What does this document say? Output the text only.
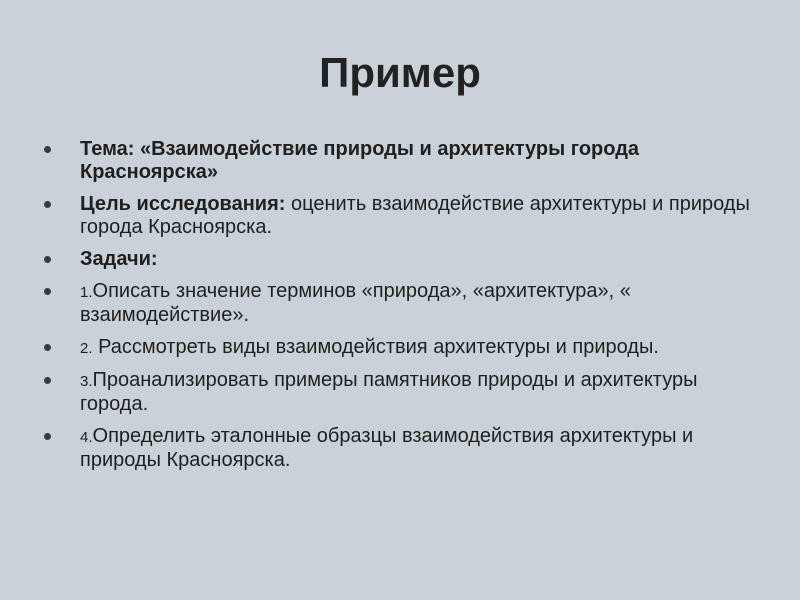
Пример
Тема: «Взаимодействие природы и архитектуры города Красноярска»
Цель исследования: оценить взаимодействие архитектуры и природы города Красноярска.
Задачи:
1.Описать значение терминов «природа», «архитектура», « взаимодействие».
2. Рассмотреть виды взаимодействия архитектуры и природы.
3.Проанализировать примеры памятников природы и архитектуры города.
4.Определить эталонные образцы взаимодействия архитектуры и природы Красноярска.
